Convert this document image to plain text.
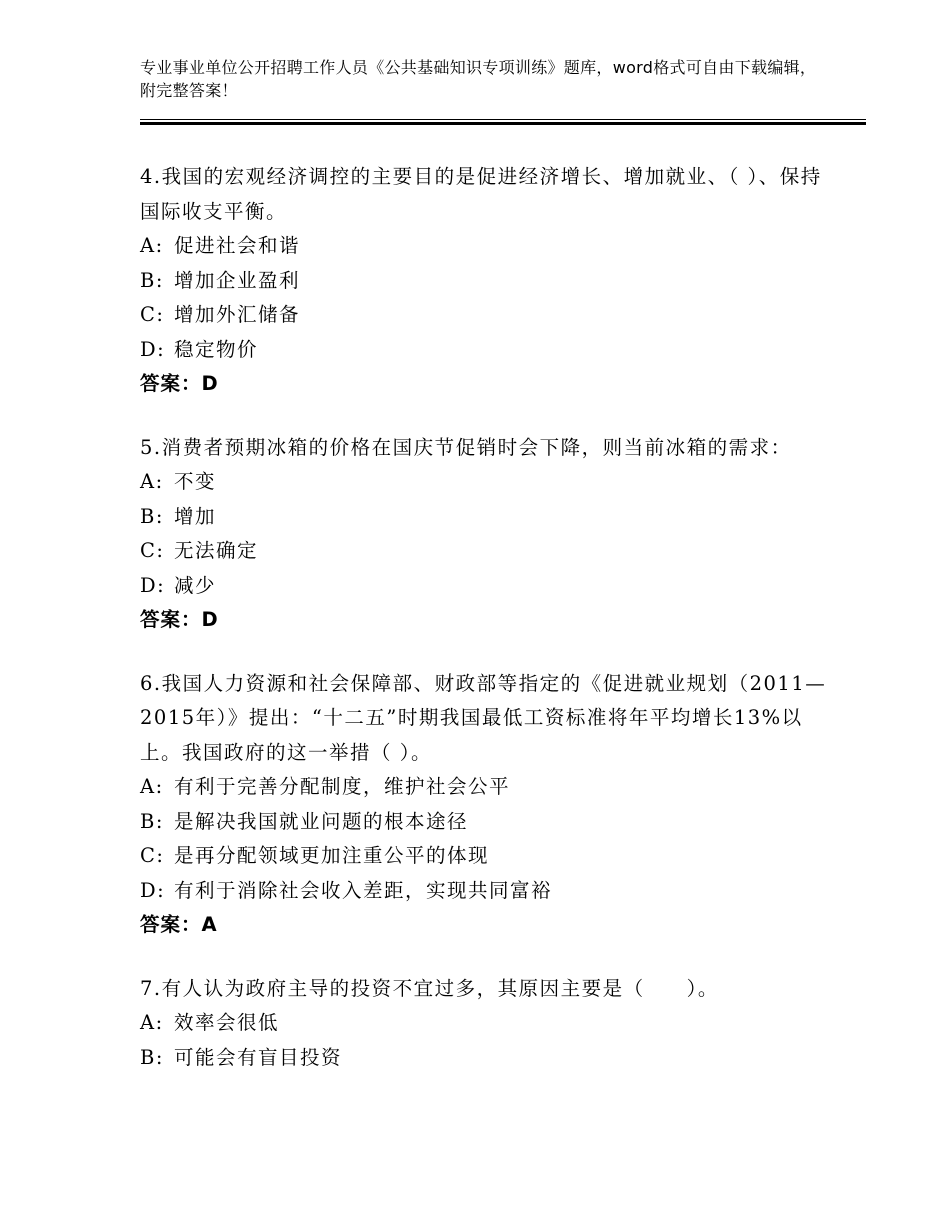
专业事业单位公开招聘工作人员《公共基础知识专项训练》题库，word格式可自由下载编辑，附完整答案！

4.我国的宏观经济调控的主要目的是促进经济增长、增加就业、（ ）、保持国际收支平衡。

A: 促进社会和谐

B: 增加企业盈利

C: 增加外汇储备

D: 稳定物价

答案：D

5.消费者预期冰箱的价格在国庆节促销时会下降，则当前冰箱的需求：

A: 不变

B: 增加

C: 无法确定

D: 减少

答案：D

6.我国人力资源和社会保障部、财政部等指定的《促进就业规划（2011—2015年）》提出：“十二五”时期我国最低工资标准将年平均增长13%以上。我国政府的这一举措（ ）。

A: 有利于完善分配制度，维护社会公平

B: 是解决我国就业问题的根本途径

C: 是再分配领域更加注重公平的体现

D: 有利于消除社会收入差距，实现共同富裕

答案：A

7.有人认为政府主导的投资不宜过多，其原因主要是（　　）。

A: 效率会很低

B: 可能会有盲目投资
